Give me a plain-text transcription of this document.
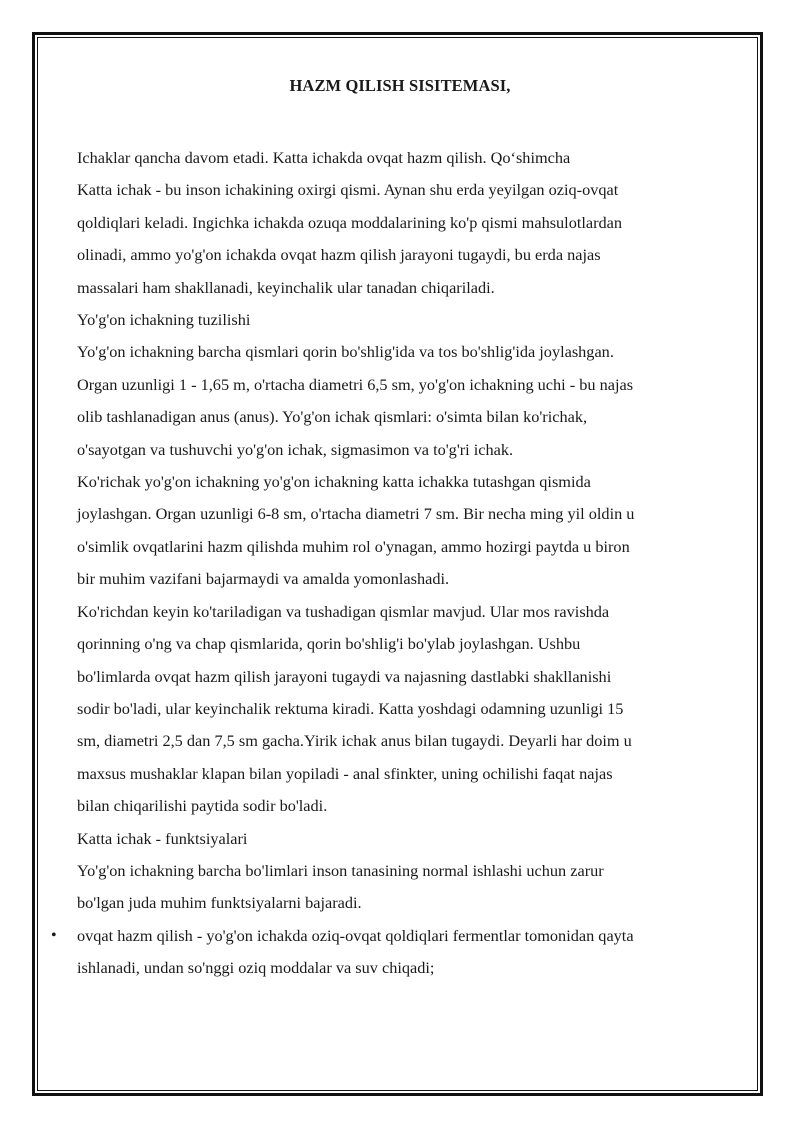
HAZM QILISH SISITEMASI,
Ichaklar qancha davom etadi. Katta ichakda ovqat hazm qilish. Qo‘shimcha
Katta ichak - bu inson ichakining oxirgi qismi. Aynan shu erda yeyilgan oziq-ovqat
qoldiqlari keladi. Ingichka ichakda ozuqa moddalarining ko'p qismi mahsulotlardan
olinadi, ammo yo'g'on ichakda ovqat hazm qilish jarayoni tugaydi, bu erda najas
massalari ham shakllanadi, keyinchalik ular tanadan chiqariladi.
Yo'g'on ichakning tuzilishi
Yo'g'on ichakning barcha qismlari qorin bo'shlig'ida va tos bo'shlig'ida joylashgan.
Organ uzunligi 1 - 1,65 m, o'rtacha diametri 6,5 sm, yo'g'on ichakning uchi - bu najas
olib tashlanadigan anus (anus). Yo'g'on ichak qismlari: o'simta bilan ko'richak,
o'sayotgan va tushuvchi yo'g'on ichak, sigmasimon va to'g'ri ichak.
Ko'richak yo'g'on ichakning yo'g'on ichakning katta ichakka tutashgan qismida
joylashgan. Organ uzunligi 6-8 sm, o'rtacha diametri 7 sm. Bir necha ming yil oldin u
o'simlik ovqatlarini hazm qilishda muhim rol o'ynagan, ammo hozirgi paytda u biron
bir muhim vazifani bajarmaydi va amalda yomonlashadi.
Ko'richdan keyin ko'tariladigan va tushadigan qismlar mavjud. Ular mos ravishda
qorinning o'ng va chap qismlarida, qorin bo'shlig'i bo'ylab joylashgan. Ushbu
bo'limlarda ovqat hazm qilish jarayoni tugaydi va najasning dastlabki shakllanishi
sodir bo'ladi, ular keyinchalik rektuma kiradi. Katta yoshdagi odamning uzunligi 15
sm, diametri 2,5 dan 7,5 sm gacha.Yirik ichak anus bilan tugaydi. Deyarli har doim u
maxsus mushaklar klapan bilan yopiladi - anal sfinkter, uning ochilishi faqat najas
bilan chiqarilishi paytida sodir bo'ladi.
Katta ichak - funktsiyalari
Yo'g'on ichakning barcha bo'limlari inson tanasining normal ishlashi uchun zarur
bo'lgan juda muhim funktsiyalarni bajaradi.
• ovqat hazm qilish - yo'g'on ichakda oziq-ovqat qoldiqlari fermentlar tomonidan qayta
ishlanadi, undan so'nggi oziq moddalar va suv chiqadi;
